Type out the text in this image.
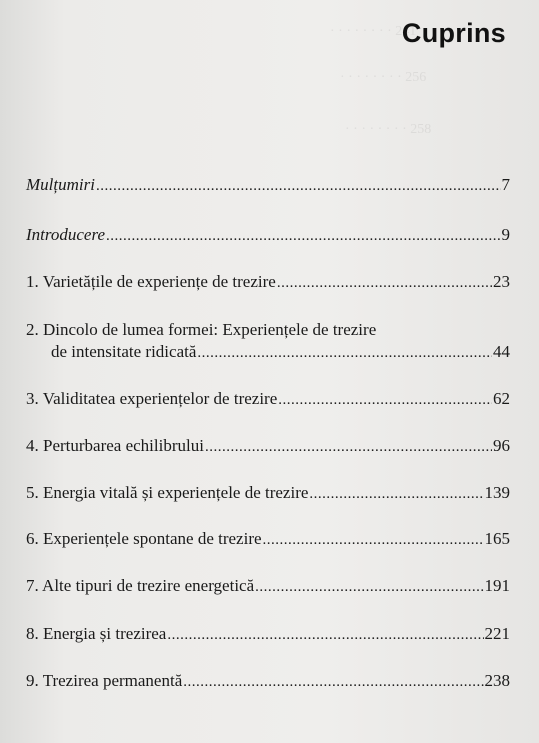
· · · · · · · · 241
· · · · · · · · 256
· · · · · · · · 258
Cuprins
Mulțumiri .....	7
Introducere .....	9
1. Varietățile de experiențe de trezire .....	23
2. Dincolo de lumea formei: Experiențele de trezire
de intensitate ridicată .....	44
3. Validitatea experiențelor de trezire .....	62
4. Perturbarea echilibrului .....	96
5. Energia vitală și experiențele de trezire .....	139
6. Experiențele spontane de trezire .....	165
7. Alte tipuri de trezire energetică .....	191
8. Energia și trezirea .....	221
9. Trezirea permanentă .....	238
